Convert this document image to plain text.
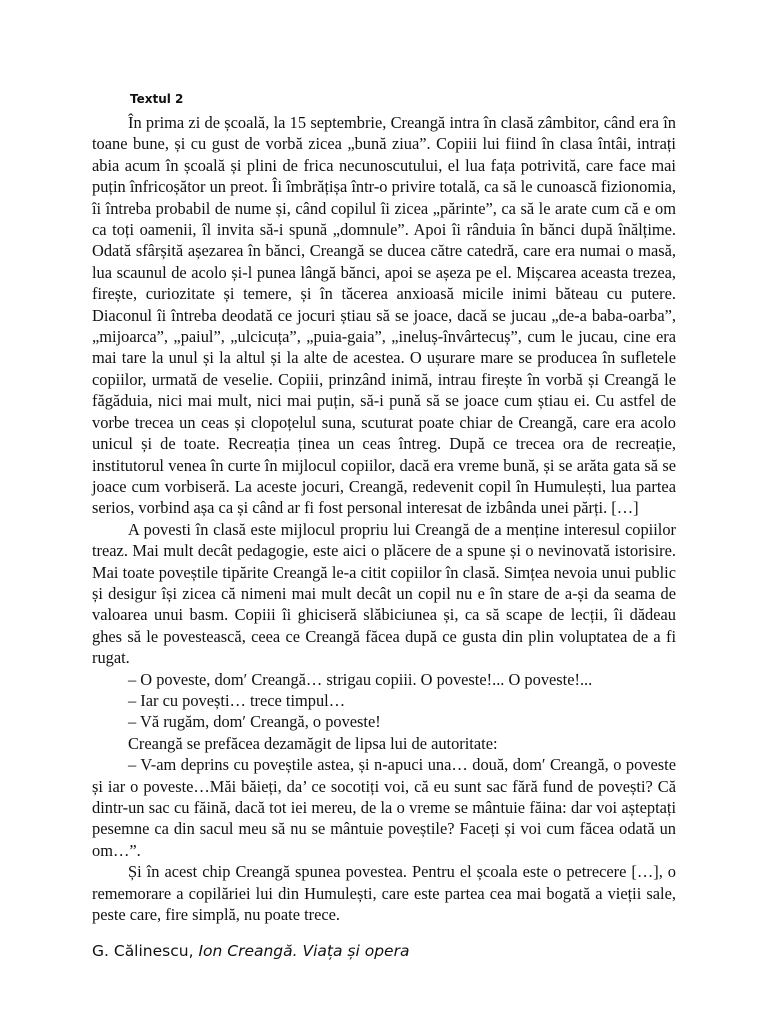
Textul 2

În prima zi de școală, la 15 septembrie, Creangă intra în clasă zâmbitor, când era în toane bune, și cu gust de vorbă zicea „bună ziua”. Copiii lui fiind în clasa întâi, intrați abia acum în școală și plini de frica necunoscutului, el lua fața potrivită, care face mai puțin înfricoșător un preot. Îi îmbrățișa într-o privire totală, ca să le cunoască fizionomia, îi întreba probabil de nume și, când copilul îi zicea „părinte”, ca să le arate cum că e om ca toți oamenii, îl invita să-i spună „domnule”. Apoi îi rânduia în bănci după înălțime. Odată sfârșită așezarea în bănci, Creangă se ducea către catedră, care era numai o masă, lua scaunul de acolo și-l punea lângă bănci, apoi se așeza pe el. Mișcarea aceasta trezea, firește, curiozitate și temere, și în tăcerea anxioasă micile inimi băteau cu putere. Diaconul îi întreba deodată ce jocuri știau să se joace, dacă se jucau „de-a baba-oarba”, „mijoarca”, „paiul”, „ulcicuța”, „puia-gaia”, „ineluș-învârtecuș”, cum le jucau, cine era mai tare la unul și la altul și la alte de acestea. O ușurare mare se producea în sufletele copiilor, urmată de veselie. Copiii, prinzând inimă, intrau firește în vorbă și Creangă le făgăduia, nici mai mult, nici mai puțin, să-i pună să se joace cum știau ei. Cu astfel de vorbe trecea un ceas și clopoțelul suna, scuturat poate chiar de Creangă, care era acolo unicul și de toate. Recreația ținea un ceas întreg. După ce trecea ora de recreație, institutorul venea în curte în mijlocul copiilor, dacă era vreme bună, și se arăta gata să se joace cum vorbiseră. La aceste jocuri, Creangă, redevenit copil în Humulești, lua partea serios, vorbind așa ca și când ar fi fost personal interesat de izbânda unei părți. […]

A povesti în clasă este mijlocul propriu lui Creangă de a menține interesul copiilor treaz. Mai mult decât pedagogie, este aici o plăcere de a spune și o nevinovată istorisire. Mai toate poveștile tipărite Creangă le-a citit copiilor în clasă. Simțea nevoia unui public și desigur își zicea că nimeni mai mult decât un copil nu e în stare de a-și da seama de valoarea unui basm. Copiii îi ghiciseră slăbiciunea și, ca să scape de lecții, îi dădeau ghes să le povestească, ceea ce Creangă făcea după ce gusta din plin voluptatea de a fi rugat.

– O poveste, domʹ Creangă… strigau copiii. O poveste!... O poveste!...

– Iar cu povești… trece timpul…

– Vă rugăm, domʹ Creangă, o poveste!

Creangă se prefăcea dezamăgit de lipsa lui de autoritate:

– V-am deprins cu poveștile astea, și n-apuci una… două, domʹ Creangă, o poveste și iar o poveste…Măi băieți, da’ ce socotiți voi, că eu sunt sac fără fund de povești? Că dintr-un sac cu făină, dacă tot iei mereu, de la o vreme se mântuie făina: dar voi așteptați pesemne ca din sacul meu să nu se mântuie poveștile? Faceți și voi cum făcea odată un om…”.

Și în acest chip Creangă spunea povestea. Pentru el școala este o petrecere […], o rememorare a copilăriei lui din Humulești, care este partea cea mai bogată a vieții sale, peste care, fire simplă, nu poate trece.

G. Călinescu, Ion Creangă. Viața și opera
